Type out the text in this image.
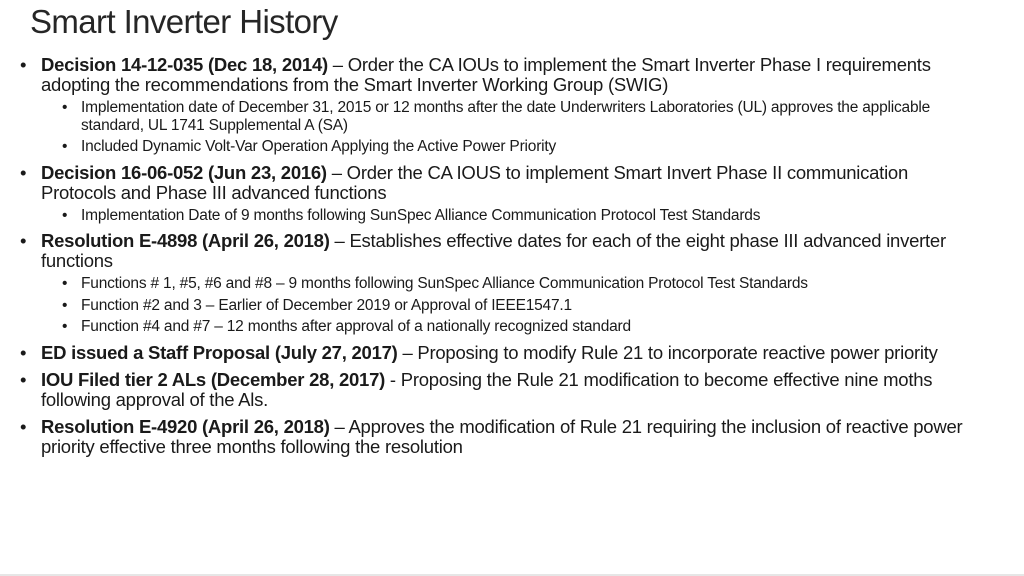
Smart Inverter History
• Decision 14-12-035 (Dec 18, 2014) – Order the CA IOUs to implement the Smart Inverter Phase I requirements adopting the recommendations from the Smart Inverter Working Group (SWIG)
• Implementation date of December 31, 2015 or 12 months after the date Underwriters Laboratories (UL) approves the applicable standard, UL 1741 Supplemental A (SA)
• Included Dynamic Volt-Var Operation Applying the Active Power Priority
• Decision 16-06-052 (Jun 23, 2016) – Order the CA IOUS to implement Smart Invert Phase II communication Protocols and Phase III advanced functions
• Implementation Date of 9 months following SunSpec Alliance Communication Protocol Test Standards
• Resolution E-4898 (April 26, 2018) – Establishes effective dates for each of the eight phase III advanced inverter functions
• Functions # 1, #5, #6 and #8 – 9 months following SunSpec Alliance Communication Protocol Test Standards
• Function #2 and 3 – Earlier of December 2019 or Approval of IEEE1547.1
• Function #4 and #7 – 12 months after approval of a nationally recognized standard
• ED issued a Staff Proposal (July 27, 2017) – Proposing to modify Rule 21 to incorporate reactive power priority
• IOU Filed tier 2 ALs (December 28, 2017) - Proposing the Rule 21 modification to become effective nine moths following approval of the Als.
• Resolution E-4920 (April 26, 2018) – Approves the modification of Rule 21 requiring the inclusion of reactive power priority effective three months following the resolution
